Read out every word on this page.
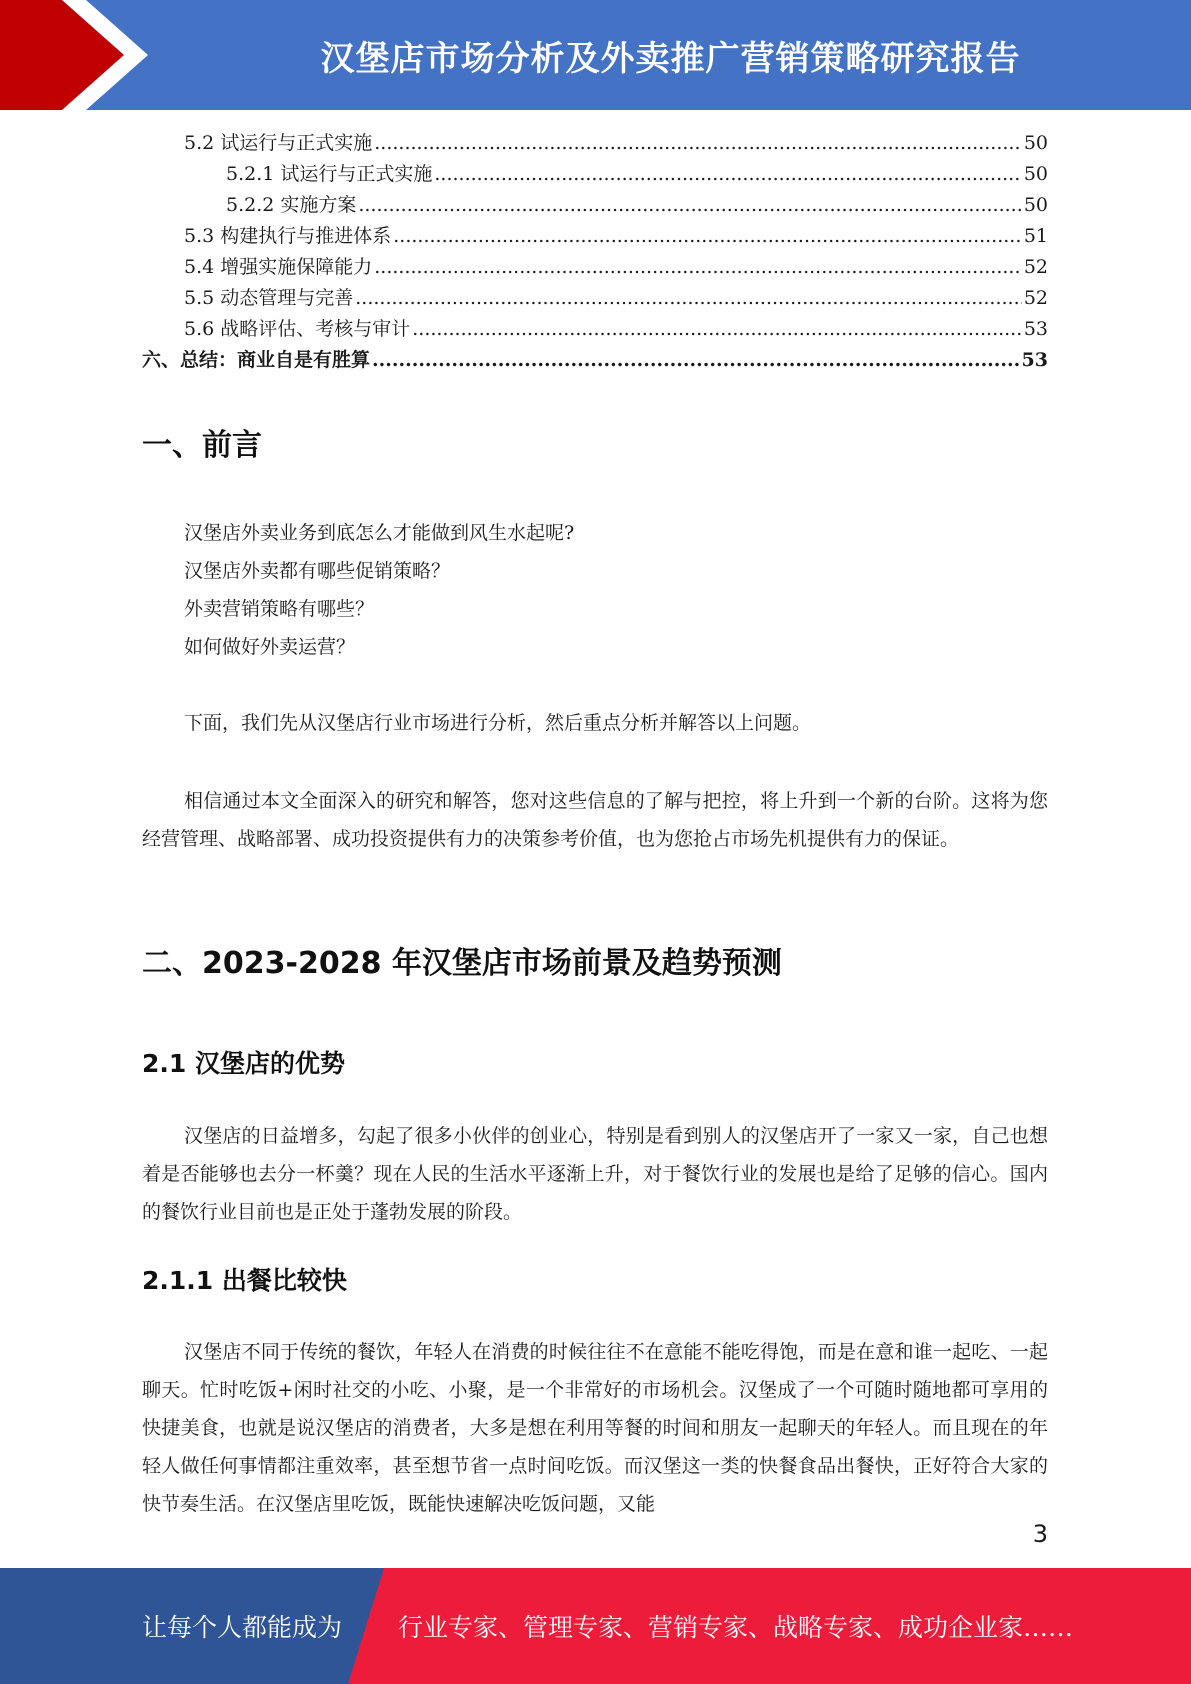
汉堡店市场分析及外卖推广营销策略研究报告
5.2 试运行与正式实施 .....	50
5.2.1 试运行与正式实施 .....	50
5.2.2 实施方案 .....	50
5.3 构建执行与推进体系 .....	51
5.4 增强实施保障能力 .....	52
5.5 动态管理与完善 .....	52
5.6 战略评估、考核与审计 .....	53
六、总结：商业自是有胜算 .....	53
一、前言

汉堡店外卖业务到底怎么才能做到风生水起呢?

汉堡店外卖都有哪些促销策略？

外卖营销策略有哪些？

如何做好外卖运营？

下面，我们先从汉堡店行业市场进行分析，然后重点分析并解答以上问题。

相信通过本文全面深入的研究和解答，您对这些信息的了解与把控，将上升到一个新的台阶。这将为您经营管理、战略部署、成功投资提供有力的决策参考价值，也为您抢占市场先机提供有力的保证。

二、2023-2028 年汉堡店市场前景及趋势预测
2.1 汉堡店的优势

汉堡店的日益增多，勾起了很多小伙伴的创业心，特别是看到别人的汉堡店开了一家又一家，自己也想着是否能够也去分一杯羹？现在人民的生活水平逐渐上升，对于餐饮行业的发展也是给了足够的信心。国内的餐饮行业目前也是正处于蓬勃发展的阶段。

2.1.1 出餐比较快

汉堡店不同于传统的餐饮，年轻人在消费的时候往往不在意能不能吃得饱，而是在意和谁一起吃、一起聊天。忙时吃饭+闲时社交的小吃、小聚，是一个非常好的市场机会。汉堡成了一个可随时随地都可享用的快捷美食，也就是说汉堡店的消费者，大多是想在利用等餐的时间和朋友一起聊天的年轻人。而且现在的年轻人做任何事情都注重效率，甚至想节省一点时间吃饭。而汉堡这一类的快餐食品出餐快，正好符合大家的快节奏生活。在汉堡店里吃饭，既能快速解决吃饭问题，又能

3
让每个人都能成为 行业专家、管理专家、营销专家、战略专家、成功企业家……
